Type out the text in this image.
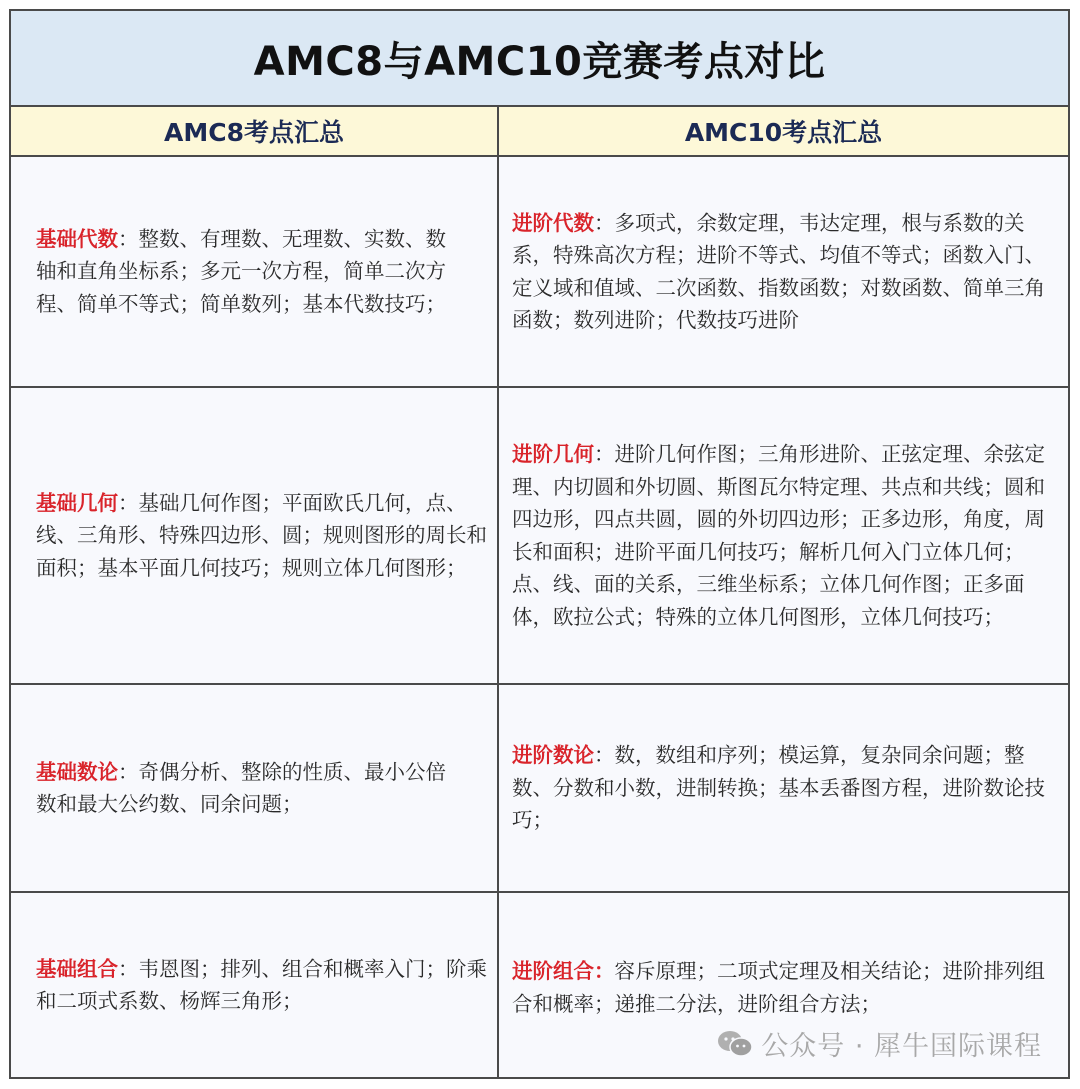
AMC8与AMC10竞赛考点对比
AMC8考点汇总	AMC10考点汇总

基础代数：整数、有理数、无理数、实数、数轴和直角坐标系；多元一次方程，简单二次方程、简单不等式；简单数列；基本代数技巧；

进阶代数：多项式，余数定理，韦达定理，根与系数的关系，特殊高次方程；进阶不等式、均值不等式；函数入门、定义域和值域、二次函数、指数函数；对数函数、简单三角函数；数列进阶；代数技巧进阶

基础几何：基础几何作图；平面欧氏几何，点、线、三角形、特殊四边形、圆；规则图形的周长和面积；基本平面几何技巧；规则立体几何图形；

进阶几何：进阶几何作图；三角形进阶、正弦定理、余弦定理、内切圆和外切圆、斯图瓦尔特定理、共点和共线；圆和四边形，四点共圆，圆的外切四边形；正多边形，角度，周长和面积；进阶平面几何技巧；解析几何入门立体几何；点、线、面的关系，三维坐标系；立体几何作图；正多面体，欧拉公式；特殊的立体几何图形，立体几何技巧；

基础数论：奇偶分析、整除的性质、最小公倍数和最大公约数、同余问题；

进阶数论：数，数组和序列；模运算，复杂同余问题；整数、分数和小数，进制转换；基本丢番图方程，进阶数论技巧；

基础组合：韦恩图；排列、组合和概率入门；阶乘和二项式系数、杨辉三角形；

进阶组合：容斥原理；二项式定理及相关结论；进阶排列组合和概率；递推二分法，进阶组合方法；

公众号 · 犀牛国际课程
